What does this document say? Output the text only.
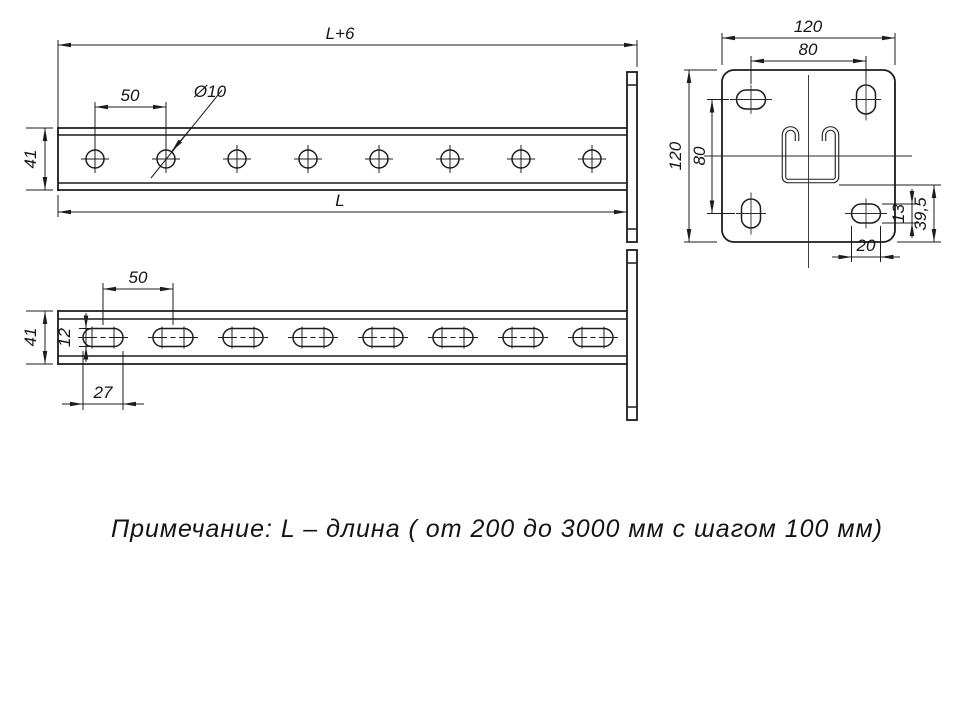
L+6
50	Ø10
41
L
50
41 12
27
120
80
120 80
13 39,5
20
Примечание: L – длина ( от 200 до 3000 мм с шагом 100 мм)
